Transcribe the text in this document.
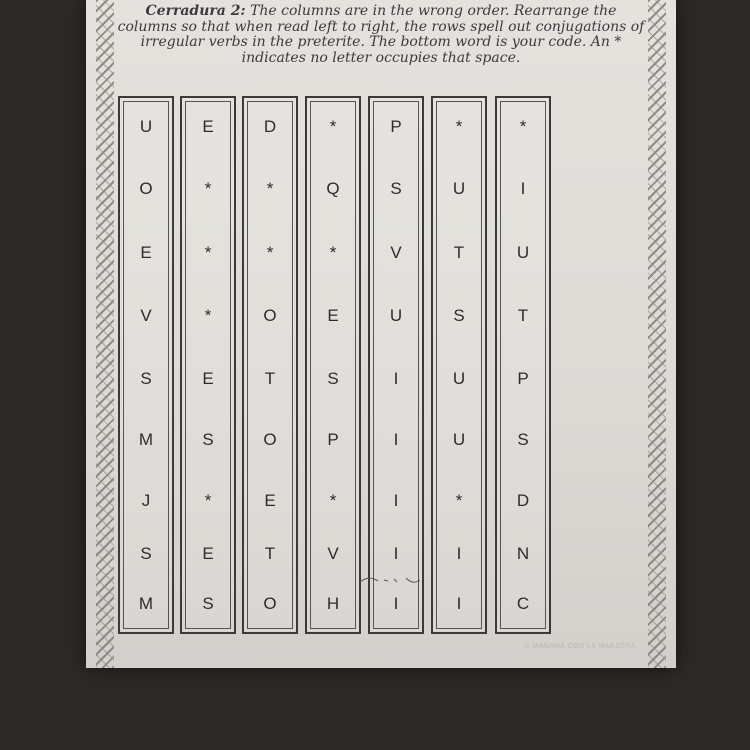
Cerradura 2: The columns are in the wrong order. Rearrange the columns so that when read left to right, the rows spell out conjugations of irregular verbs in the preterite. The bottom word is your code. An * indicates no letter occupies that space.
U
O
E
V
S
M
J
S
M
E
*
*
*
E
S
*
E
S
D
*
*
O
T
O
E
T
O
*
Q
*
E
S
P
*
V
H
P
S
V
U
I
I
I
I
I
*
U
T
S
U
U
*
I
I
*
I
U
T
P
S
D
N
C
© MAÑANA CON LA MAESTRA
